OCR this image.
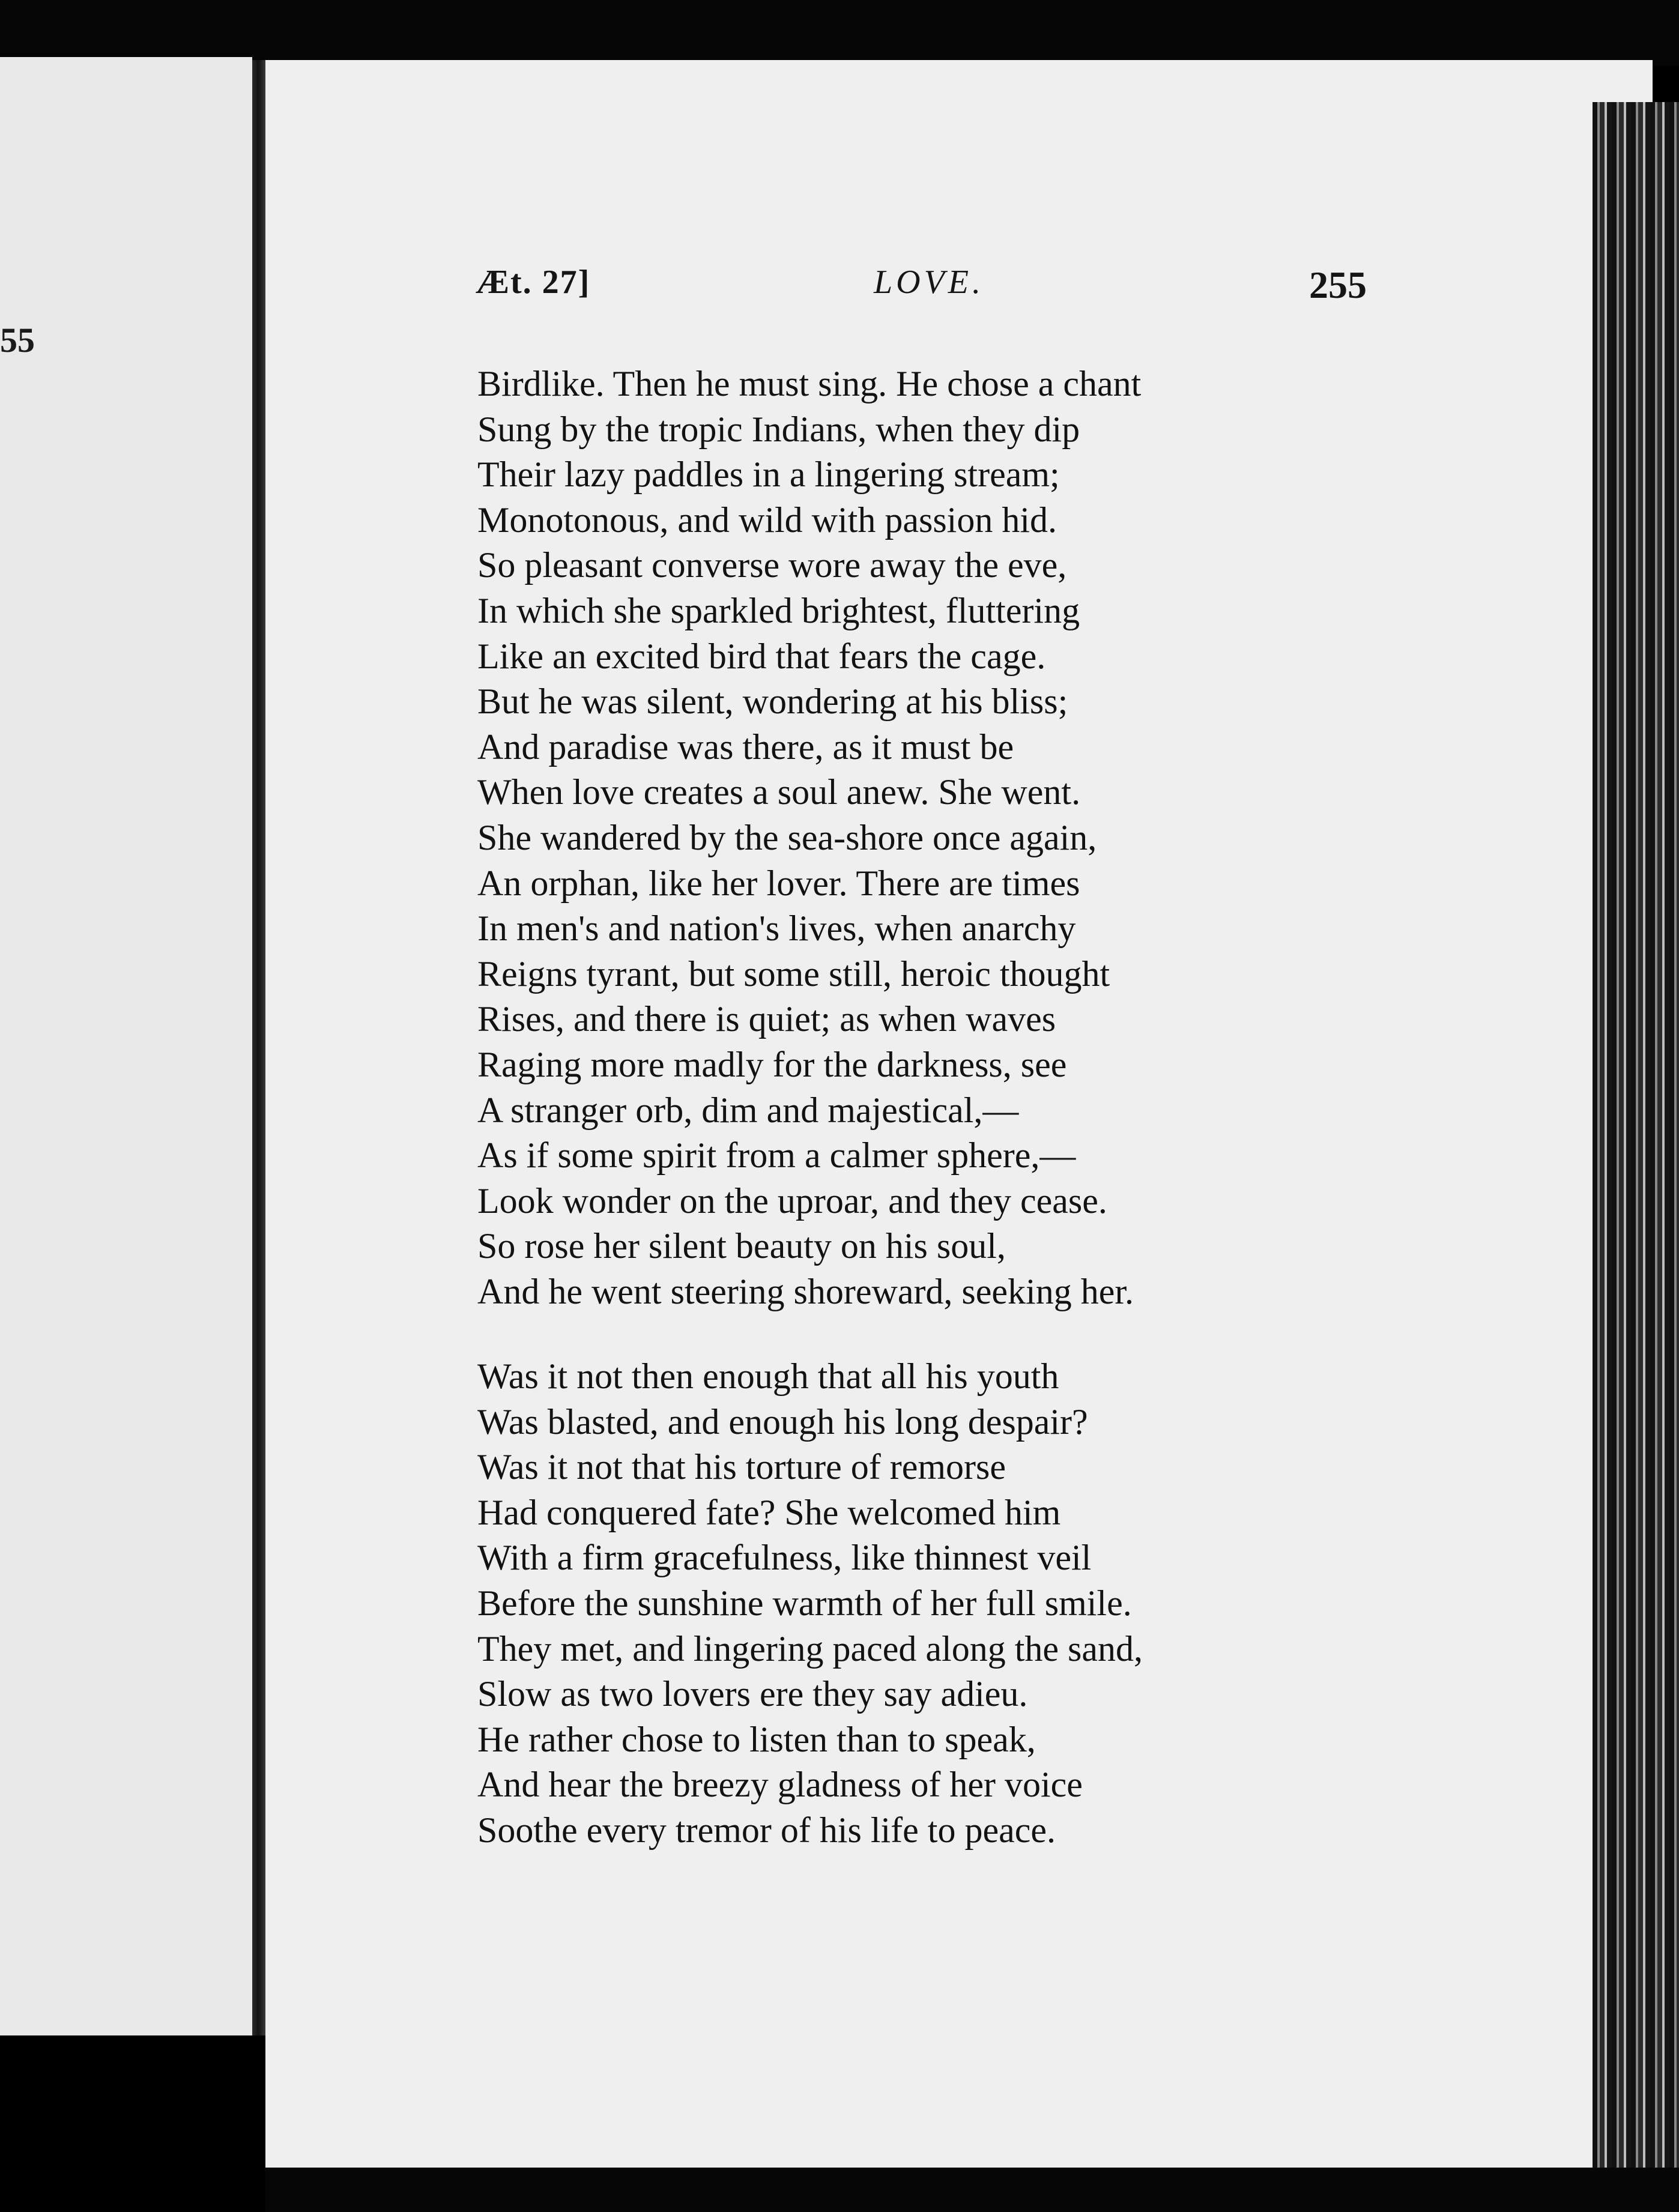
55
Æt. 27]	LOVE.	255
Birdlike. Then he must sing. He chose a chant
Sung by the tropic Indians, when they dip
Their lazy paddles in a lingering stream;
Monotonous, and wild with passion hid.
So pleasant converse wore away the eve,
In which she sparkled brightest, fluttering
Like an excited bird that fears the cage.
But he was silent, wondering at his bliss;
And paradise was there, as it must be
When love creates a soul anew. She went.
She wandered by the sea-shore once again,
An orphan, like her lover. There are times
In men's and nation's lives, when anarchy
Reigns tyrant, but some still, heroic thought
Rises, and there is quiet; as when waves
Raging more madly for the darkness, see
A stranger orb, dim and majestical,—
As if some spirit from a calmer sphere,—
Look wonder on the uproar, and they cease.
So rose her silent beauty on his soul,
And he went steering shoreward, seeking her.
Was it not then enough that all his youth
Was blasted, and enough his long despair?
Was it not that his torture of remorse
Had conquered fate? She welcomed him
With a firm gracefulness, like thinnest veil
Before the sunshine warmth of her full smile.
They met, and lingering paced along the sand,
Slow as two lovers ere they say adieu.
He rather chose to listen than to speak,
And hear the breezy gladness of her voice
Soothe every tremor of his life to peace.
